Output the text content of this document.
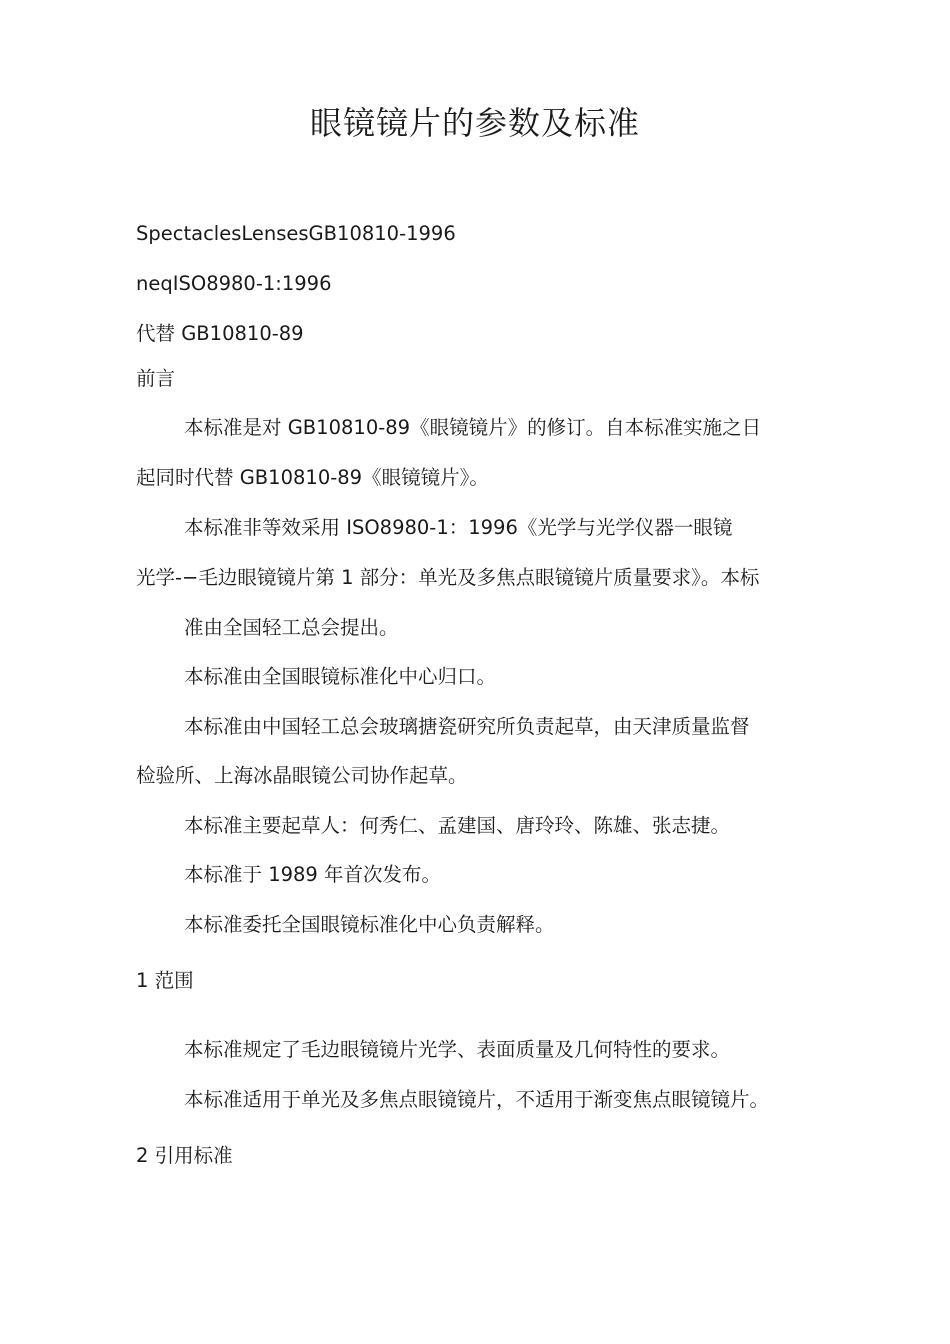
眼镜镜片的参数及标准
SpectaclesLensesGB10810-1996
neqISO8980-1:1996
代替 GB10810-89
前言
本标准是对 GB10810-89《眼镜镜片》的修订。自本标准实施之日
起同时代替 GB10810-89《眼镜镜片》。
本标准非等效采用 ISO8980-1：1996《光学与光学仪器一眼镜
光学-−毛边眼镜镜片第 1 部分：单光及多焦点眼镜镜片质量要求》。本标
准由全国轻工总会提出。
本标准由全国眼镜标准化中心归口。
本标准由中国轻工总会玻璃搪瓷研究所负责起草，由天津质量监督
检验所、上海冰晶眼镜公司协作起草。
本标准主要起草人：何秀仁、孟建国、唐玲玲、陈雄、张志捷。
本标准于 1989 年首次发布。
本标准委托全国眼镜标准化中心负责解释。
1 范围
本标准规定了毛边眼镜镜片光学、表面质量及几何特性的要求。
本标准适用于单光及多焦点眼镜镜片，不适用于渐变焦点眼镜镜片。
2 引用标准
